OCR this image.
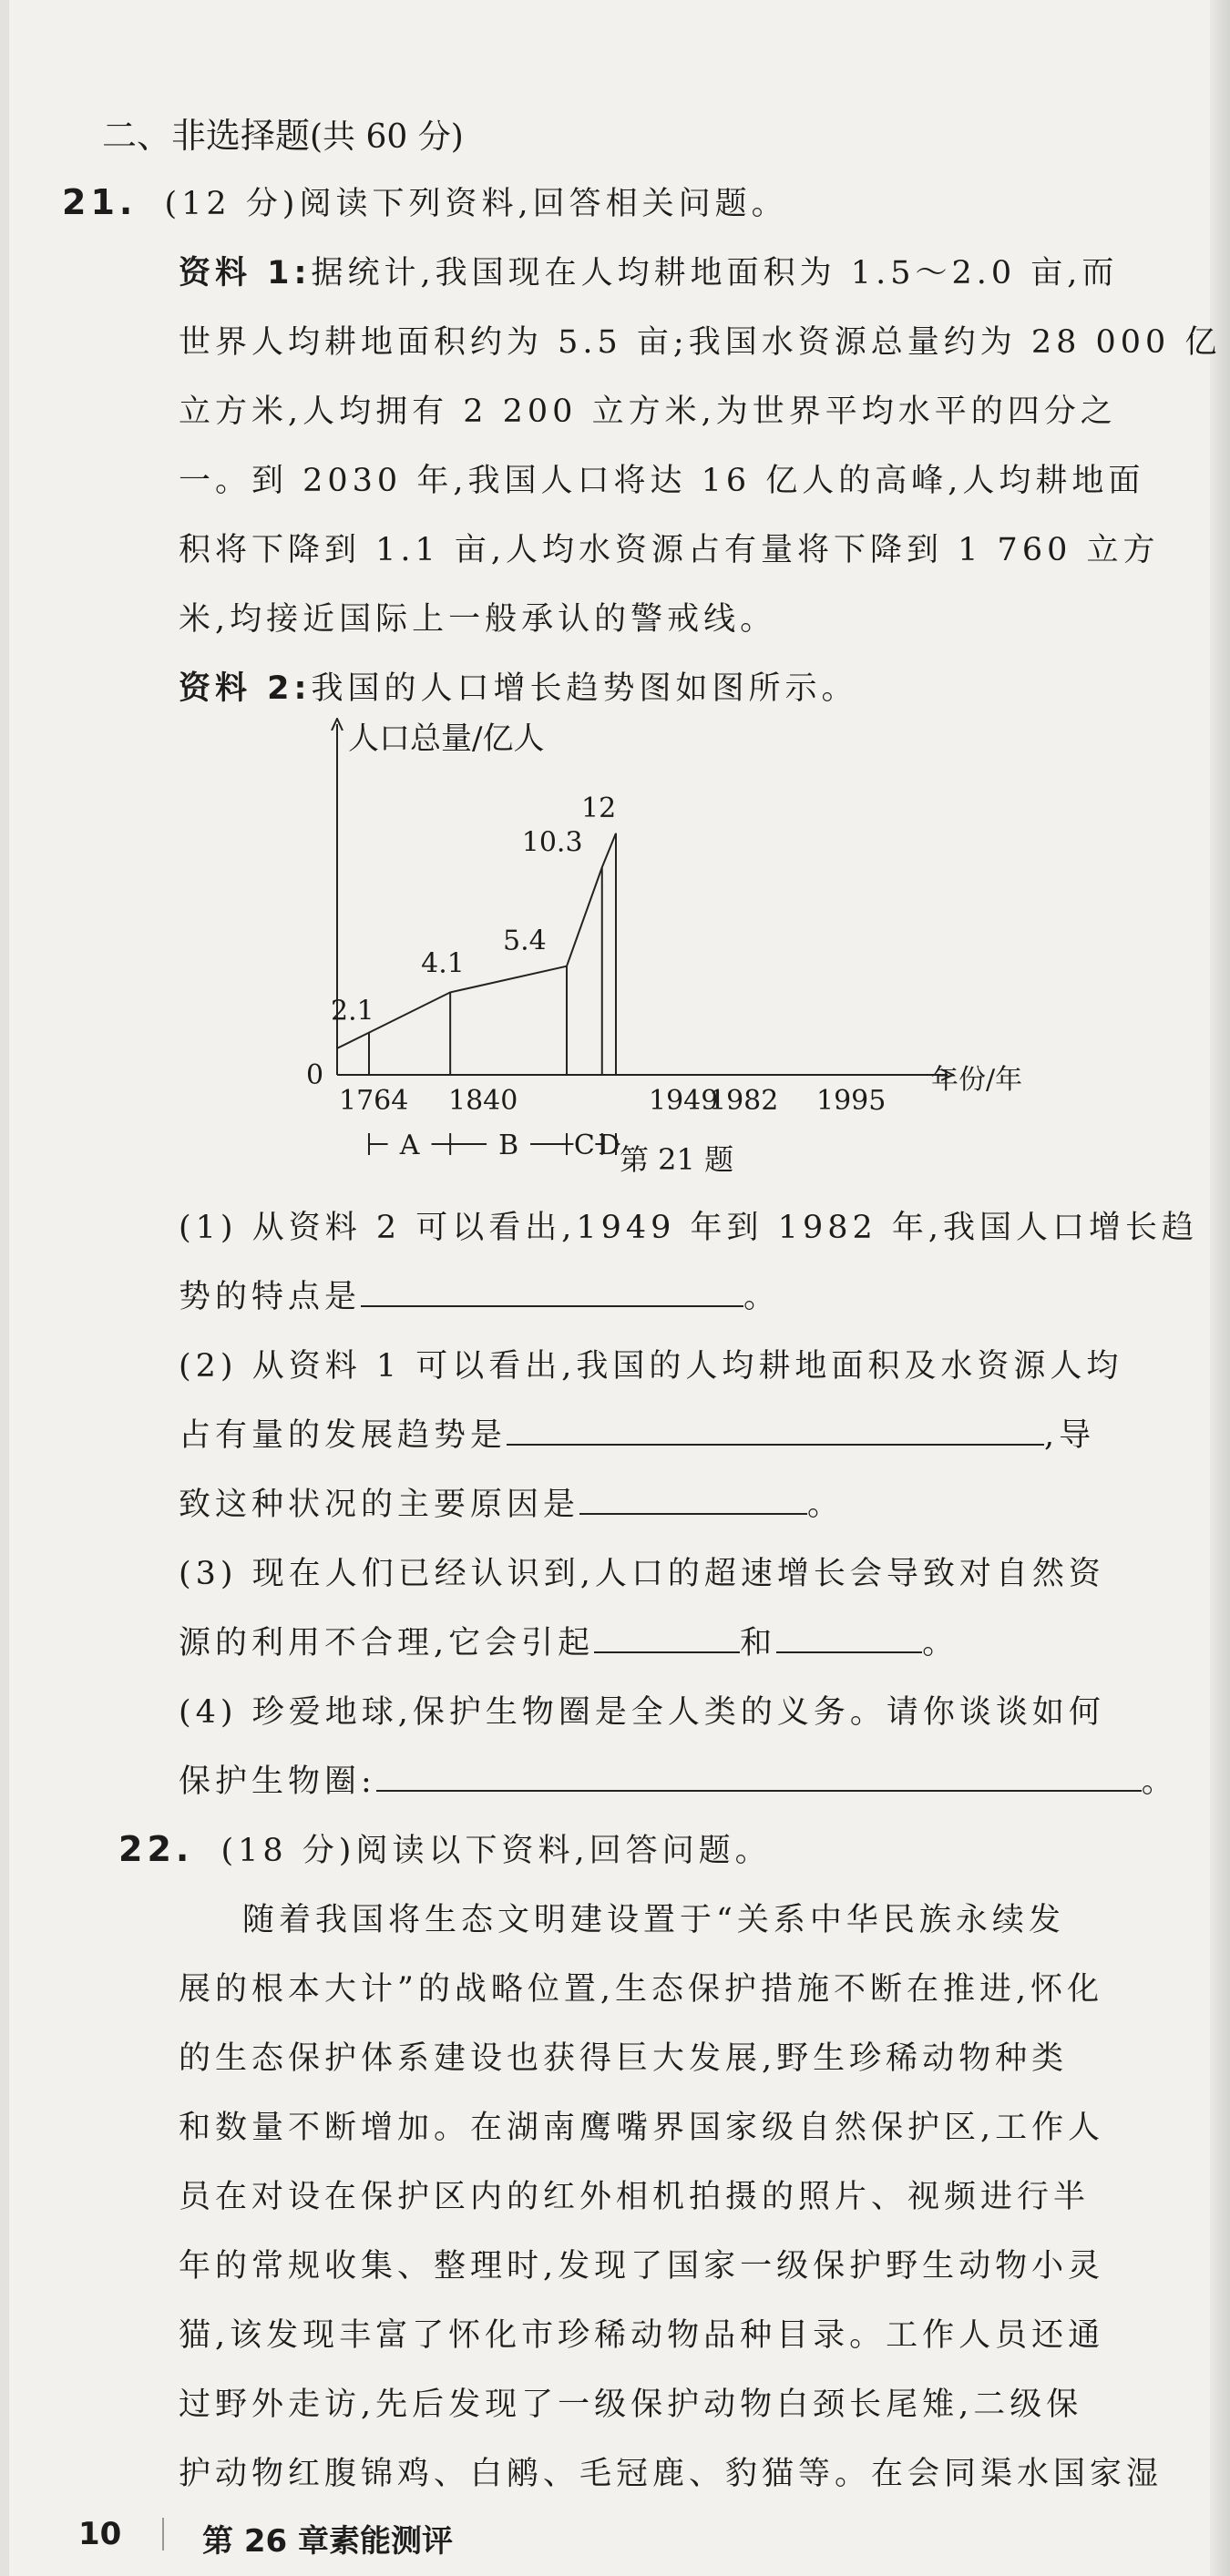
二、非选择题(共 60 分)
21. (12 分)阅读下列资料,回答相关问题。
资料 1:据统计,我国现在人均耕地面积为 1.5～2.0 亩,而
世界人均耕地面积约为 5.5 亩;我国水资源总量约为 28 000 亿
立方米,人均拥有 2 200 立方米,为世界平均水平的四分之
一。到 2030 年,我国人口将达 16 亿人的高峰,人均耕地面
积将下降到 1.1 亩,人均水资源占有量将下降到 1 760 立方
米,均接近国际上一般承认的警戒线。
资料 2:我国的人口增长趋势图如图所示。
人口总量/亿人
0	年份/年
2.1
4.1
5.4
10.3
12
1764 1840	1949
1982 1995
A	B C D 第 21 题
(1) 从资料 2 可以看出,1949 年到 1982 年,我国人口增长趋
势的特点是	。
(2) 从资料 1 可以看出,我国的人均耕地面积及水资源人均
占有量的发展趋势是	,导
致这种状况的主要原因是	。
(3) 现在人们已经认识到,人口的超速增长会导致对自然资
源的利用不合理,它会引起	和	。
(4) 珍爱地球,保护生物圈是全人类的义务。请你谈谈如何
保护生物圈:	。
22. (18 分)阅读以下资料,回答问题。
随着我国将生态文明建设置于“关系中华民族永续发
展的根本大计”的战略位置,生态保护措施不断在推进,怀化
的生态保护体系建设也获得巨大发展,野生珍稀动物种类
和数量不断增加。在湖南鹰嘴界国家级自然保护区,工作人
员在对设在保护区内的红外相机拍摄的照片、视频进行半
年的常规收集、整理时,发现了国家一级保护野生动物小灵
猫,该发现丰富了怀化市珍稀动物品种目录。工作人员还通
过野外走访,先后发现了一级保护动物白颈长尾雉,二级保
护动物红腹锦鸡、白鹇、毛冠鹿、豹猫等。在会同渠水国家湿
10	第 26 章素能测评
